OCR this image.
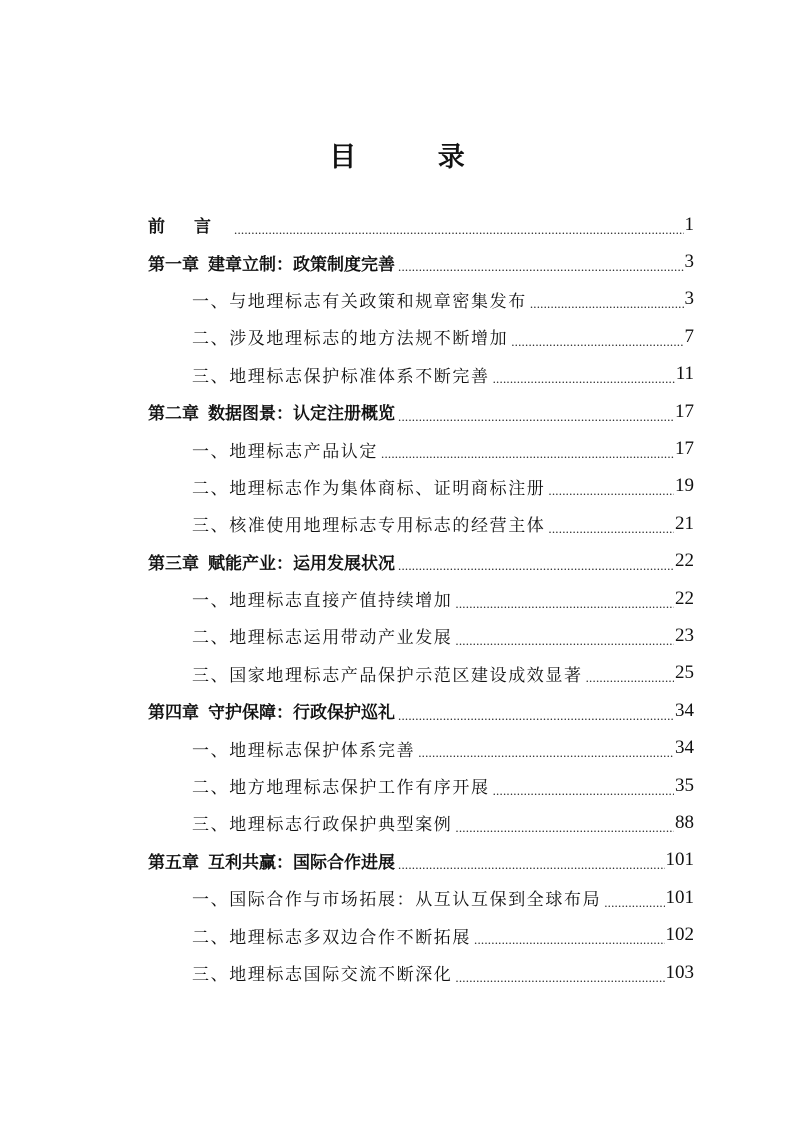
目 录
前 言 .....	1
第一章 建章立制：政策制度完善 .....	3
一、与地理标志有关政策和规章密集发布 .....	3
二、涉及地理标志的地方法规不断增加 .....	7
三、地理标志保护标准体系不断完善 .....	11
第二章 数据图景：认定注册概览 .....	17
一、地理标志产品认定 .....	17
二、地理标志作为集体商标、证明商标注册 .....	19
三、核准使用地理标志专用标志的经营主体 .....	21
第三章 赋能产业：运用发展状况 .....	22
一、地理标志直接产值持续增加 .....	22
二、地理标志运用带动产业发展 .....	23
三、国家地理标志产品保护示范区建设成效显著 .....	25
第四章 守护保障：行政保护巡礼 .....	34
一、地理标志保护体系完善 .....	34
二、地方地理标志保护工作有序开展 .....	35
三、地理标志行政保护典型案例 .....	88
第五章 互利共赢：国际合作进展 .....	101
一、国际合作与市场拓展：从互认互保到全球布局 .....	101
二、地理标志多双边合作不断拓展 .....	102
三、地理标志国际交流不断深化 .....	103
